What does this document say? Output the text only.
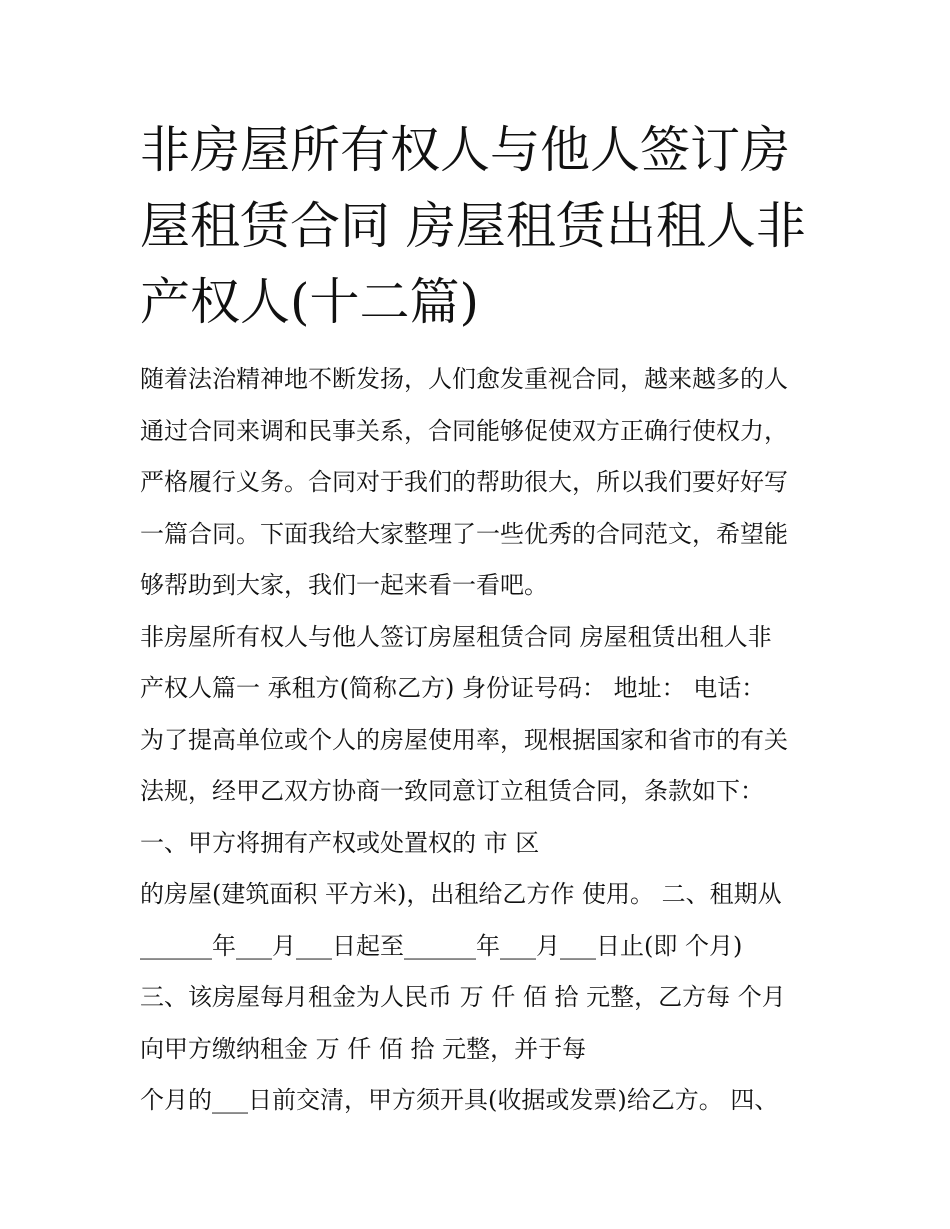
非房屋所有权人与他人签订房
屋租赁合同 房屋租赁出租人非
产权人(十二篇)
随着法治精神地不断发扬，人们愈发重视合同，越来越多的人
通过合同来调和民事关系，合同能够促使双方正确行使权力，
严格履行义务。合同对于我们的帮助很大，所以我们要好好写
一篇合同。下面我给大家整理了一些优秀的合同范文，希望能
够帮助到大家，我们一起来看一看吧。
非房屋所有权人与他人签订房屋租赁合同 房屋租赁出租人非
产权人篇一 承租方(简称乙方) 身份证号码： 地址： 电话：
为了提高单位或个人的房屋使用率，现根据国家和省市的有关
法规，经甲乙双方协商一致同意订立租赁合同，条款如下：
一、甲方将拥有产权或处置权的 市 区
的房屋(建筑面积 平方米)，出租给乙方作 使用。 二、租期从
______年___月___日起至______年___月___日止(即 个月)
三、该房屋每月租金为人民币 万 仟 佰 拾 元整，乙方每 个月
向甲方缴纳租金 万 仟 佰 拾 元整，并于每
个月的___日前交清，甲方须开具(收据或发票)给乙方。 四、
